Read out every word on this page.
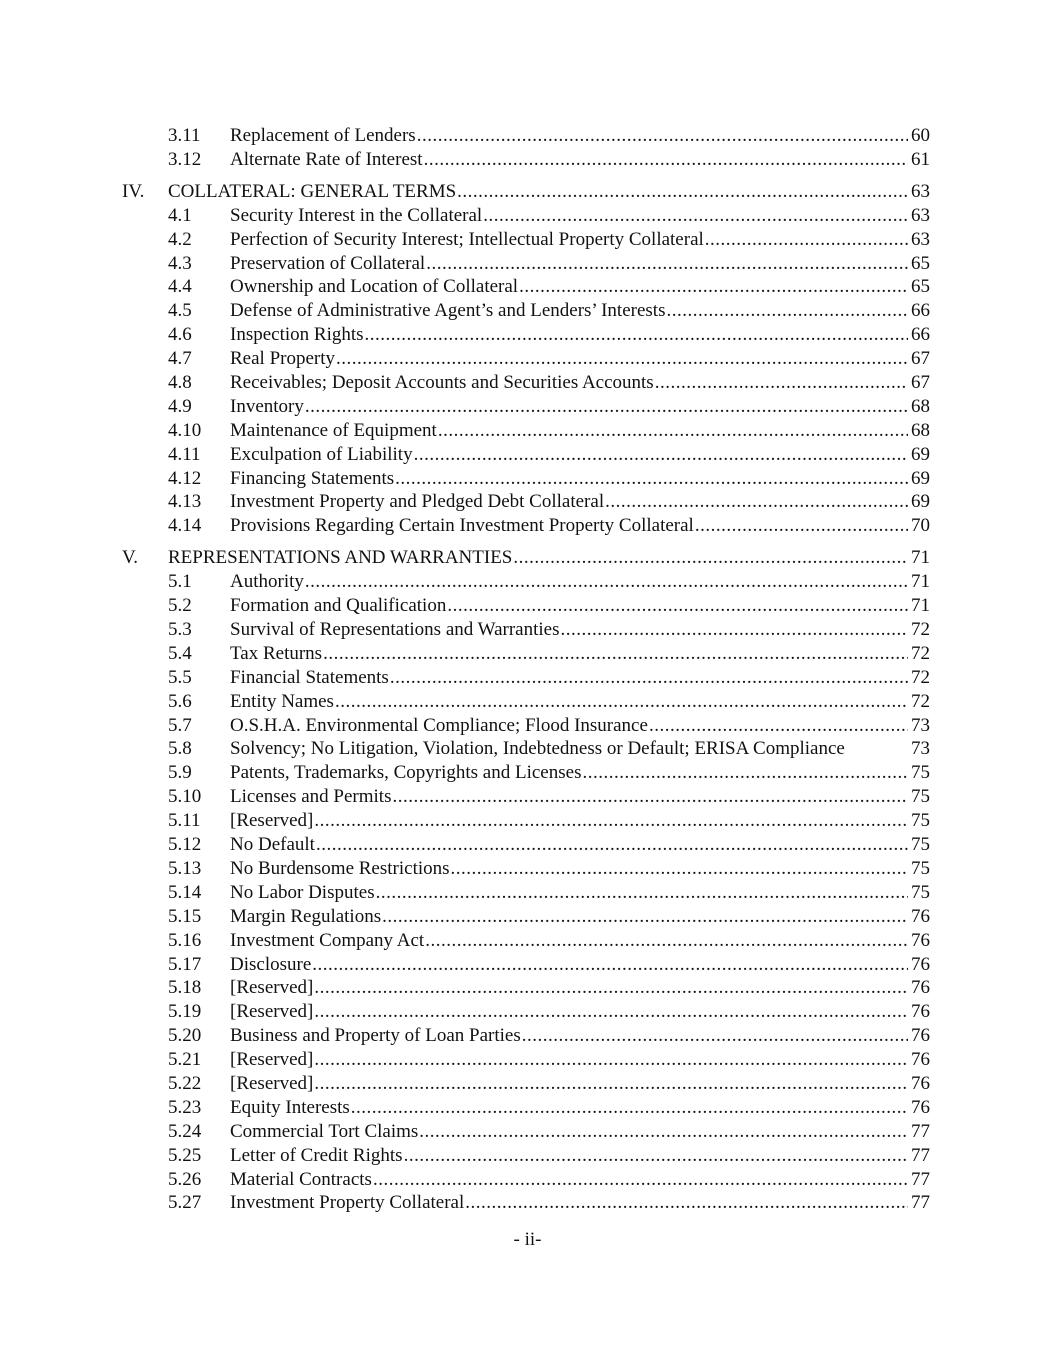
3.11	Replacement of Lenders .....	60
3.12	Alternate Rate of Interest .....	61
IV.	COLLATERAL: GENERAL TERMS .....	63
4.1	Security Interest in the Collateral .....	63
4.2	Perfection of Security Interest; Intellectual Property Collateral .....	63
4.3	Preservation of Collateral .....	65
4.4	Ownership and Location of Collateral .....	65
4.5	Defense of Administrative Agent’s and Lenders’ Interests .....	66
4.6	Inspection Rights .....	66
4.7	Real Property .....	67
4.8	Receivables; Deposit Accounts and Securities Accounts .....	67
4.9	Inventory .....	68
4.10	Maintenance of Equipment .....	68
4.11	Exculpation of Liability .....	69
4.12	Financing Statements .....	69
4.13	Investment Property and Pledged Debt Collateral .....	69
4.14	Provisions Regarding Certain Investment Property Collateral .....	70
V.	REPRESENTATIONS AND WARRANTIES .....	71
5.1	Authority .....	71
5.2	Formation and Qualification .....	71
5.3	Survival of Representations and Warranties .....	72
5.4	Tax Returns .....	72
5.5	Financial Statements .....	72
5.6	Entity Names .....	72
5.7	O.S.H.A. Environmental Compliance; Flood Insurance .....	73
5.8	Solvency; No Litigation, Violation, Indebtedness or Default; ERISA Compliance	73
5.9	Patents, Trademarks, Copyrights and Licenses .....	75
5.10	Licenses and Permits .....	75
5.11	[Reserved] .....	75
5.12	No Default .....	75
5.13	No Burdensome Restrictions .....	75
5.14	No Labor Disputes .....	75
5.15	Margin Regulations .....	76
5.16	Investment Company Act .....	76
5.17	Disclosure .....	76
5.18	[Reserved] .....	76
5.19	[Reserved] .....	76
5.20	Business and Property of Loan Parties .....	76
5.21	[Reserved] .....	76
5.22	[Reserved] .....	76
5.23	Equity Interests .....	76
5.24	Commercial Tort Claims .....	77
5.25	Letter of Credit Rights .....	77
5.26	Material Contracts .....	77
5.27	Investment Property Collateral .....	77
- ii-
